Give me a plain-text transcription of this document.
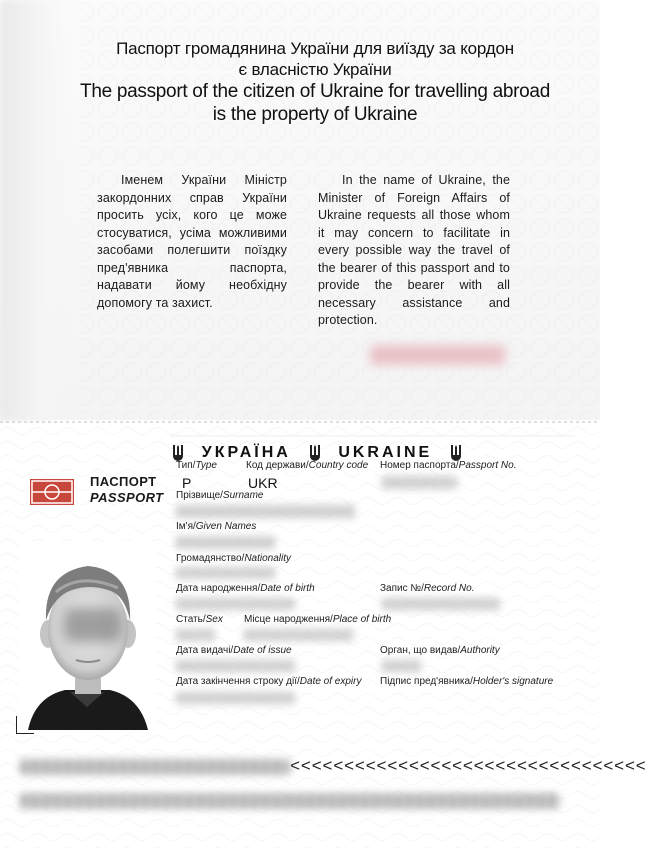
Паспорт громадянина України для виїзду за кордон
є власністю України
The passport of the citizen of Ukraine for travelling abroad
is the property of Ukraine
Іменем України Міністр закордонних справ України просить усіх, кого це може стосуватися, усіма можливими засобами полегшити поїздку пред'явника паспорта, надавати йому необхідну допомогу та захист.
In the name of Ukraine, the Minister of Foreign Affairs of Ukraine requests all those whom it may concern to facilitate in every possible way the travel of the bearer of this passport and to provide the bearer with all necessary assistance and protection.
УКРАЇНА	UKRAINE
ПАСПОРТ
PASSPORT
Тип/Type	Код держави/Country code Номер паспорта/Passport No.
P	UKR
Прізвище/Surname
Ім'я/Given Names
Громадянство/Nationality
Дата народження/Date of birth	Запис №/Record No.
Стать/Sex Місце народження/Place of birth
Дата видачі/Date of issue	Орган, що видав/Authority
Дата закінчення строку дії/Date of expiry Підпис пред'явника/Holder's signature
<<<<<<<<<<<<<<<<<<<<<<<<<<<<<<<<<
